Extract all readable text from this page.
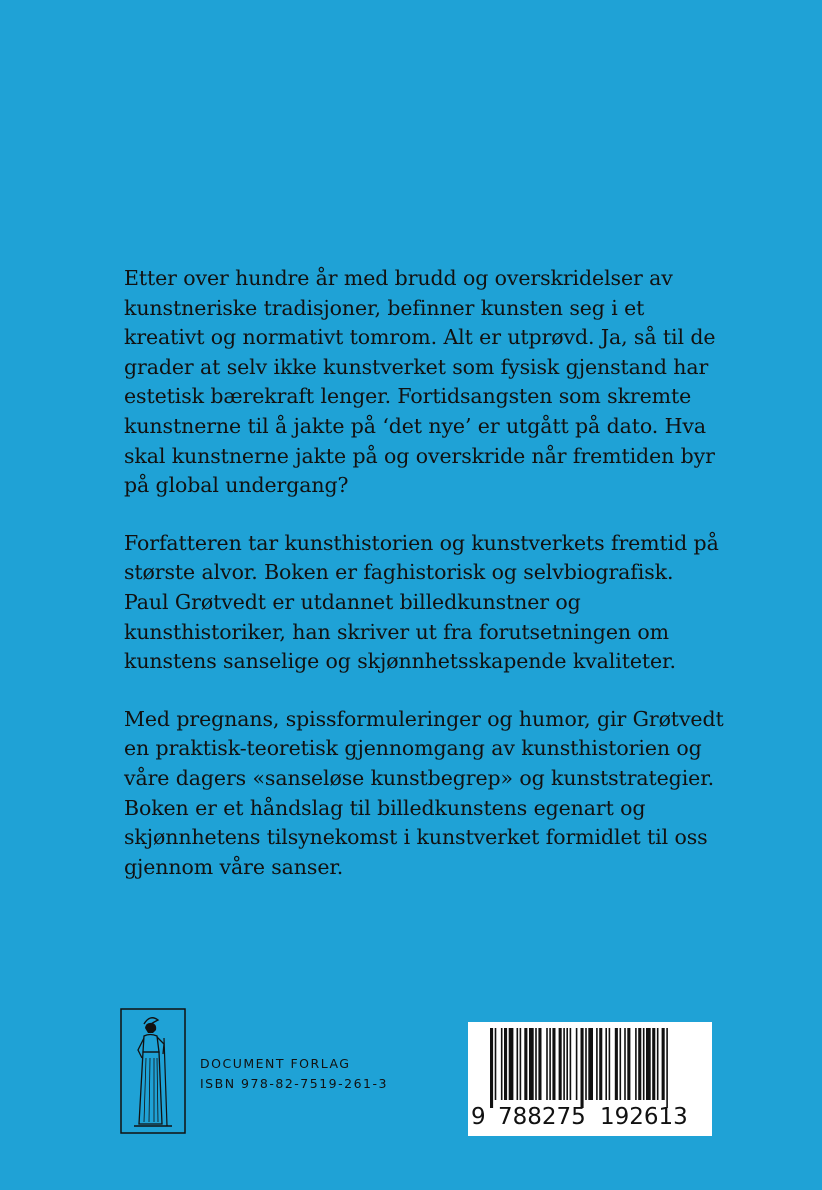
Etter over hundre år med brudd og overskridelser av kunstneriske tradisjoner, befinner kunsten seg i et kreativt og normativt tomrom. Alt er utprøvd. Ja, så til de grader at selv ikke kunstverket som fysisk gjenstand har estetisk bærekraft lenger. Fortidsangsten som skremte kunstnerne til å jakte på ‘det nye’ er utgått på dato. Hva skal kunstnerne jakte på og overskride når fremtiden byr på global undergang?

Forfatteren tar kunsthistorien og kunstverkets fremtid på største alvor. Boken er faghistorisk og selvbiografisk. Paul Grøtvedt er utdannet billedkunstner og kunsthistoriker, han skriver ut fra forutsetningen om kunstens sanselige og skjønnhetsskapende kvaliteter.

Med pregnans, spissformuleringer og humor, gir Grøtvedt en praktisk-teoretisk gjennomgang av kunsthistorien og våre dagers «sanseløse kunstbegrep» og kunststrategier. Boken er et håndslag til billedkunstens egenart og skjønnhetens tilsynekomst i kunstverket formidlet til oss gjennom våre sanser.

DOCUMENT FORLAG
ISBN 978-82-7519-261-3
9 788275 192613
